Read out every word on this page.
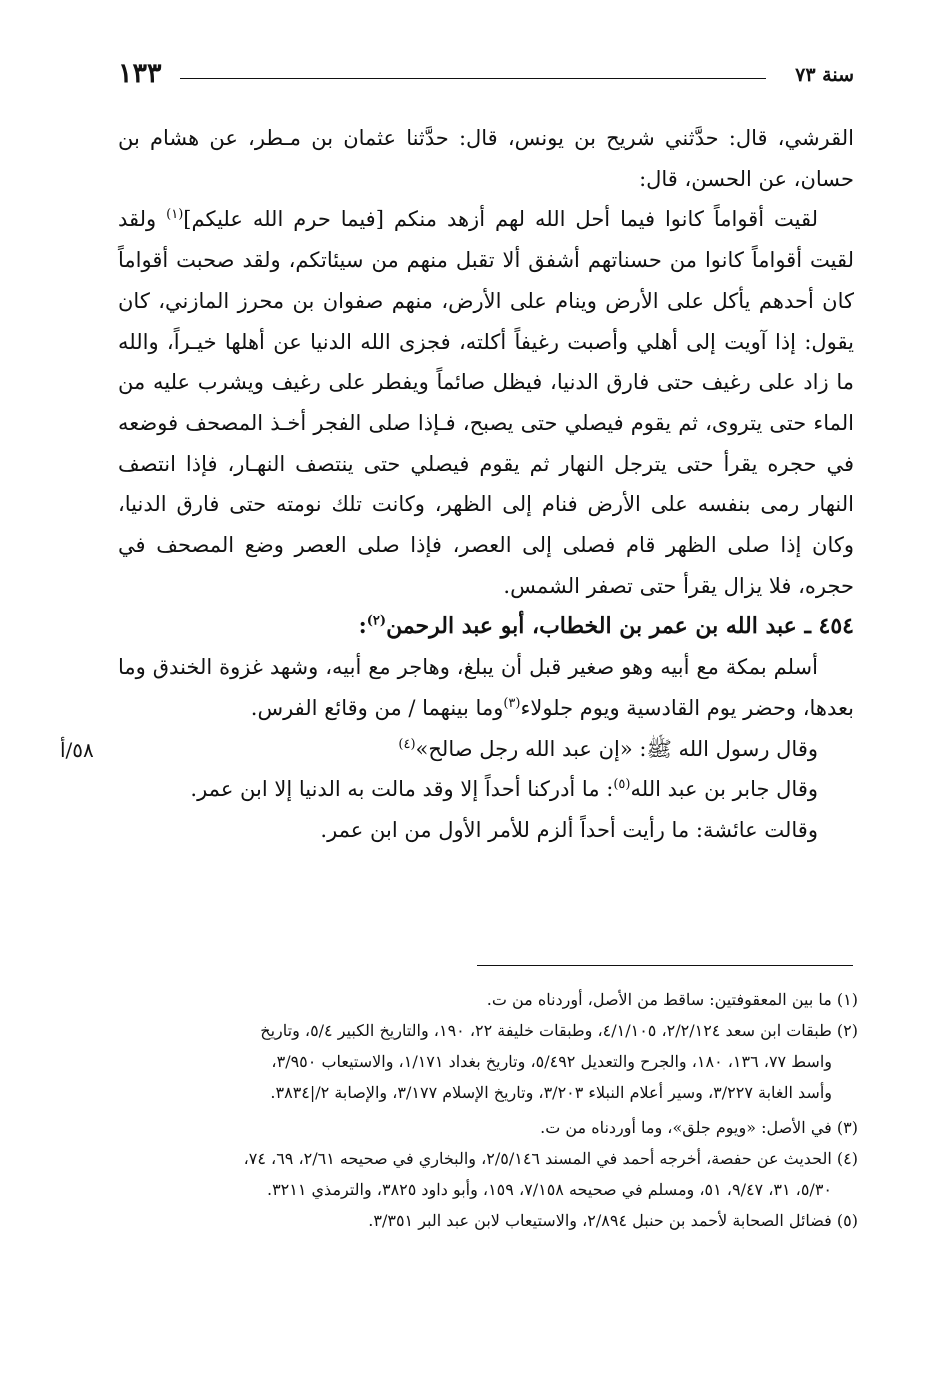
سنة ٧٣
١٣٣

القرشي، قال: حدَّثني شريح بن يونس، قال: حدَّثنا عثمان بن مـطر، عن هشام بن حسان، عن الحسن، قال:

لقيت أقواماً كانوا فيما أحل الله لهم أزهد منكم [فيما حرم الله عليكم]$^{(١)}$ ولقد لقيت أقواماً كانوا من حسناتهم أشفق ألا تقبل منهم من سيئاتكم، ولقد صحبت أقواماً كان أحدهم يأكل على الأرض وينام على الأرض، منهم صفوان بن محرز المازني، كان يقول: إذا آويت إلى أهلي وأصبت رغيفاً أكلته، فجزى الله الدنيا عن أهلها خيـراً، والله ما زاد على رغيف حتى فارق الدنيا، فيظل صائماً ويفطر على رغيف ويشرب عليه من الماء حتى يتروى، ثم يقوم فيصلي حتى يصبح، فـإذا صلى الفجر أخـذ المصحف فوضعه في حجره يقرأ حتى يترجل النهار ثم يقوم فيصلي حتى ينتصف النهـار، فإذا انتصف النهار رمى بنفسه على الأرض فنام إلى الظهر، وكانت تلك نومته حتى فارق الدنيا، وكان إذا صلى الظهر قام فصلى إلى العصر، فإذا صلى العصر وضع المصحف في حجره، فلا يزال يقرأ حتى تصفر الشمس.

٤٥٤ ـ عبد الله بن عمر بن الخطاب، أبو عبد الرحمن$^{(٢)}$:

أسلم بمكة مع أبيه وهو صغير قبل أن يبلغ، وهاجر مع أبيه، وشهد غزوة الخندق وما بعدها، وحضر يوم القادسية ويوم جلولاء$^{(٣)}$وما بينهما / من وقائع الفرس.

وقال رسول الله ﷺ: «إن عبد الله رجل صالح»$^{(٤)}$

وقال جابر بن عبد الله$^{(٥)}$: ما أدركنا أحداً إلا وقد مالت به الدنيا إلا ابن عمر.

وقالت عائشة: ما رأيت أحداً ألزم للأمر الأول من ابن عمر.

٥٨/أ

(١) ما بين المعقوفتين: ساقط من الأصل، أوردناه من ت.

(٢) طبقات ابن سعد ٢/٢/١٢٤، ٤/١/١٠٥، وطبقات خليفة ٢٢، ١٩٠، والتاريخ الكبير ٥/٤، وتاريخ

واسط ٧٧، ١٣٦، ١٨٠، والجرح والتعديل ٥/٤٩٢، وتاريخ بغداد ١/١٧١، والاستيعاب ٣/٩٥٠،

وأسد الغابة ٣/٢٢٧، وسير أعلام النبلاء ٣/٢٠٣، وتاريخ الإسلام ٣/١٧٧، والإصابة ٢/|٣٨٣٤.

(٣) في الأصل: «ويوم جلق»، وما أوردناه من ت.

(٤) الحديث عن حفصة، أخرجه أحمد في المسند ٢/٥/١٤٦، والبخاري في صحيحه ٢/٦١، ٦٩، ٧٤،

٥/٣٠، ٣١، ٩/٤٧، ٥١، ومسلم في صحيحه ٧/١٥٨، ١٥٩، وأبو داود ٣٨٢٥، والترمذي ٣٢١١.

(٥) فضائل الصحابة لأحمد بن حنبل ٢/٨٩٤، والاستيعاب لابن عبد البر ٣/٣٥١.
